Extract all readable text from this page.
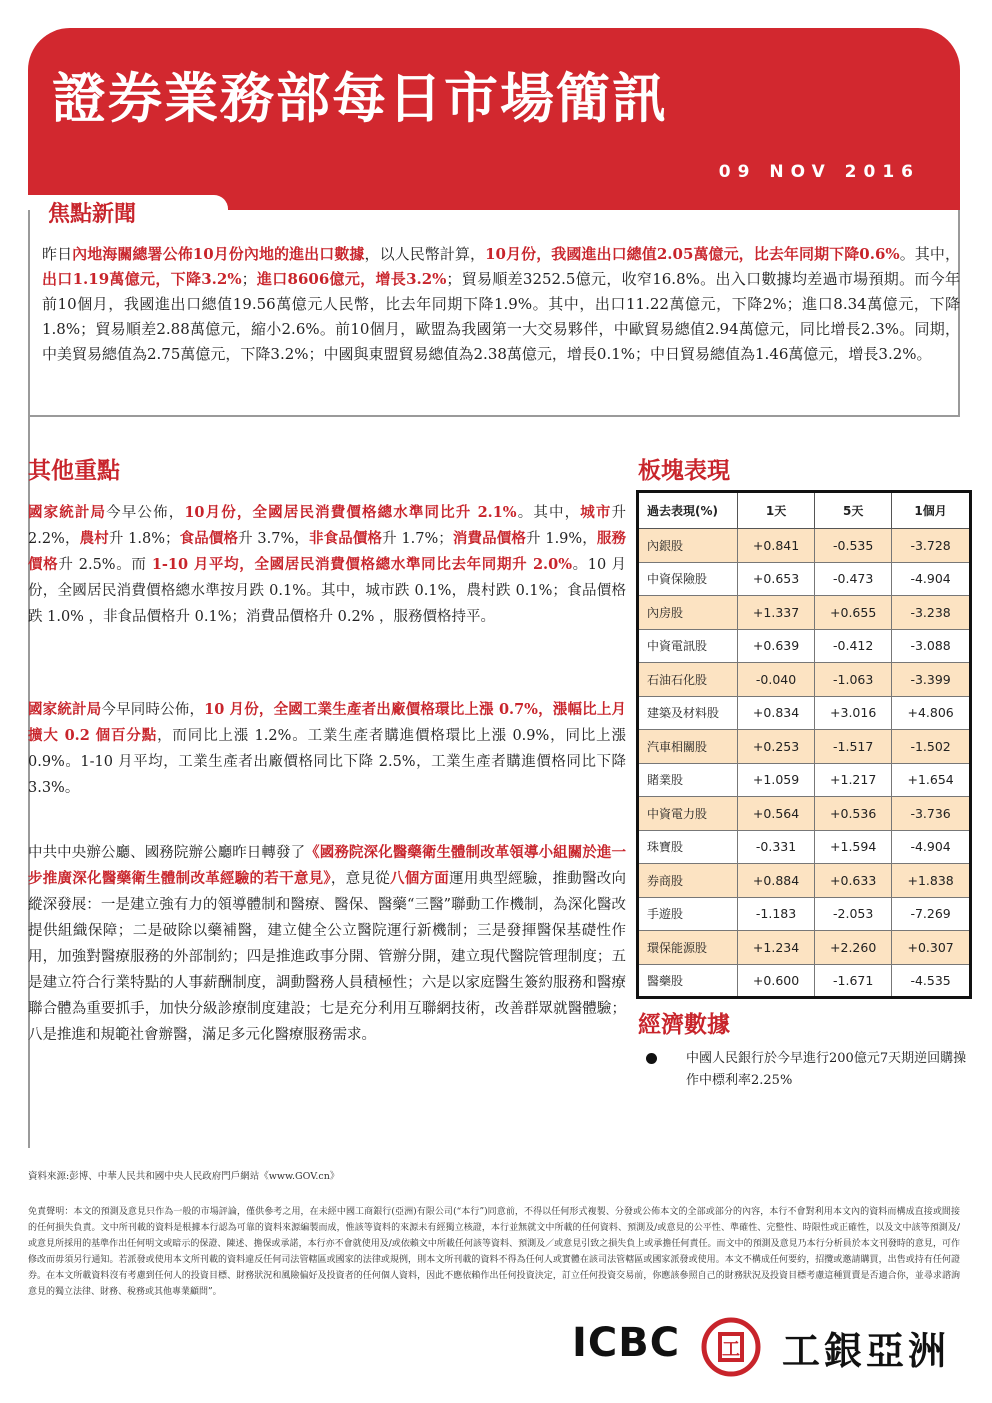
證券業務部每日市場簡訊
09 NOV 2016
焦點新聞
昨日內地海關總署公佈10月份內地的進出口數據，以人民幣計算，10月份，我國進出口總值2.05萬億元，比去年同期下降0.6%。其中，出口1.19萬億元，下降3.2%；進口8606億元，增長3.2%；貿易順差3252.5億元，收窄16.8%。出入口數據均差過市場預期。而今年前10個月，我國進出口總值19.56萬億元人民幣，比去年同期下降1.9%。其中，出口11.22萬億元，下降2%；進口8.34萬億元，下降1.8%；貿易順差2.88萬億元，縮小2.6%。前10個月，歐盟為我國第一大交易夥伴，中歐貿易總值2.94萬億元，同比增長2.3%。同期，中美貿易總值為2.75萬億元，下降3.2%；中國與東盟貿易總值為2.38萬億元，增長0.1%；中日貿易總值為1.46萬億元，增長3.2%。
其他重點
國家統計局今早公佈，10月份，全國居民消費價格總水準同比升 2.1%。其中，城市升 2.2%，農村升 1.8%；食品價格升 3.7%，非食品價格升 1.7%；消費品價格升 1.9%，服務價格升 2.5%。而 1-10 月平均，全國居民消費價格總水準同比去年同期升 2.0%。10 月份，全國居民消費價格總水準按月跌 0.1%。其中，城市跌 0.1%，農村跌 0.1%；食品價格跌 1.0% ，非食品價格升 0.1%；消費品價格升 0.2% ，服務價格持平。
國家統計局今早同時公佈，10 月份，全國工業生產者出廠價格環比上漲 0.7%，漲幅比上月擴大 0.2 個百分點，而同比上漲 1.2%。工業生產者購進價格環比上漲 0.9%，同比上漲 0.9%。1-10 月平均，工業生產者出廠價格同比下降 2.5%，工業生產者購進價格同比下降 3.3%。
中共中央辦公廳、國務院辦公廳昨日轉發了《國務院深化醫藥衛生體制改革領導小組關於進一步推廣深化醫藥衛生體制改革經驗的若干意見》，意見從八個方面運用典型經驗，推動醫改向縱深發展：一是建立強有力的領導體制和醫療、醫保、醫藥“三醫”聯動工作機制，為深化醫改提供組織保障；二是破除以藥補醫，建立健全公立醫院運行新機制；三是發揮醫保基礎性作用，加強對醫療服務的外部制約；四是推進政事分開、管辦分開，建立現代醫院管理制度；五是建立符合行業特點的人事薪酬制度，調動醫務人員積極性；六是以家庭醫生簽約服務和醫療聯合體為重要抓手，加快分級診療制度建設；七是充分利用互聯網技術，改善群眾就醫體驗；八是推進和規範社會辦醫，滿足多元化醫療服務需求。
板塊表現
過去表現(%)	1天	5天	1個月
內銀股	+0.841	-0.535	-3.728
中資保險股	+0.653	-0.473	-4.904
內房股	+1.337	+0.655	-3.238
中資電訊股	+0.639	-0.412	-3.088
石油石化股	-0.040	-1.063	-3.399
建築及材料股	+0.834	+3.016	+4.806
汽車相關股	+0.253	-1.517	-1.502
賭業股	+1.059	+1.217	+1.654
中資電力股	+0.564	+0.536	-3.736
珠寶股	-0.331	+1.594	-4.904
券商股	+0.884	+0.633	+1.838
手遊股	-1.183	-2.053	-7.269
環保能源股	+1.234	+2.260	+0.307
醫藥股	+0.600	-1.671	-4.535
經濟數據
中國人民銀行於今早進行200億元7天期逆回購操作中標利率2.25%
資料來源:彭博、中華人民共和國中央人民政府門戶網站《www.GOV.cn》
免責聲明：本文的預測及意見只作為一般的市場評論，僅供參考之用，在未經中國工商銀行(亞洲)有限公司(“本行”)同意前，不得以任何形式複製、分發或公佈本文的全部或部分的內容，本行不會對利用本文內的資料而構成直接或間接的任何損失負責。文中所刊載的資料是根據本行認為可靠的資料來源編製而成，惟該等資料的來源未有經獨立核證，本行並無就文中所載的任何資料、預測及/或意見的公平性、準確性、完整性、時限性或正確性，以及文中該等預測及/或意見所採用的基準作出任何明文或暗示的保證、陳述、擔保或承諾，本行亦不會就使用及/或依賴文中所載任何該等資料、預測及／或意見引致之損失負上或承擔任何責任。而文中的預測及意見乃本行分析員於本文刊發時的意見，可作修改而毋須另行通知。若派發或使用本文所刊載的資料違反任何司法管轄區或國家的法律或規例，則本文所刊載的資料不得為任何人或實體在該司法管轄區或國家派發或使用。本文不構成任何要約，招攬或邀請購買，出售或持有任何證券。在本文所載資料沒有考慮到任何人的投資目標、財務狀況和風險偏好及投資者的任何個人資料，因此不應依賴作出任何投資決定，訂立任何投資交易前，你應該參照自己的財務狀況及投資目標考慮這種買賣是否適合你，並尋求諮詢意見的獨立法律、財務、稅務或其他專業顧問”。
ICBC 工 工銀亞洲
